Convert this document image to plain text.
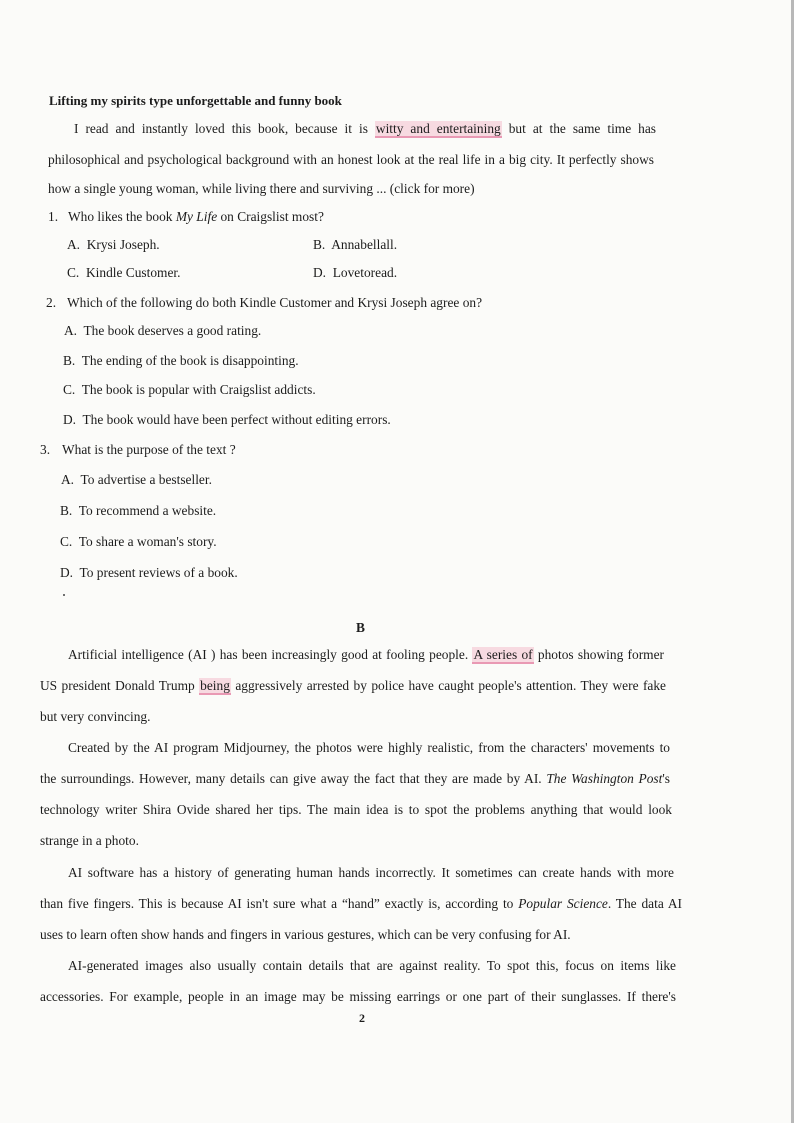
Lifting my spirits type unforgettable and funny book
I read and instantly loved this book, because it is witty and entertaining but at the same time has
philosophical and psychological background with an honest look at the real life in a big city. It perfectly shows
how a single young woman, while living there and surviving ... (click for more)
1. Who likes the book My Life on Craigslist most?
A. Krysi Joseph.	B. Annabellall.
C. Kindle Customer.	D. Lovetoread.
2. Which of the following do both Kindle Customer and Krysi Joseph agree on?
A. The book deserves a good rating.
B. The ending of the book is disappointing.
C. The book is popular with Craigslist addicts.
D. The book would have been perfect without editing errors.
3. What is the purpose of the text ?
A. To advertise a bestseller.
B. To recommend a website.
C. To share a woman's story.
D. To present reviews of a book.
B
Artificial intelligence (AI ) has been increasingly good at fooling people. A series of photos showing former
US president Donald Trump being aggressively arrested by police have caught people's attention. They were fake
but very convincing.
Created by the AI program Midjourney, the photos were highly realistic, from the characters' movements to
the surroundings. However, many details can give away the fact that they are made by AI. The Washington Post's
technology writer Shira Ovide shared her tips. The main idea is to spot the problems anything that would look
strange in a photo.
AI software has a history of generating human hands incorrectly. It sometimes can create hands with more
than five fingers. This is because AI isn't sure what a “hand” exactly is, according to Popular Science. The data AI
uses to learn often show hands and fingers in various gestures, which can be very confusing for AI.
AI-generated images also usually contain details that are against reality. To spot this, focus on items like
accessories. For example, people in an image may be missing earrings or one part of their sunglasses. If there's
2
